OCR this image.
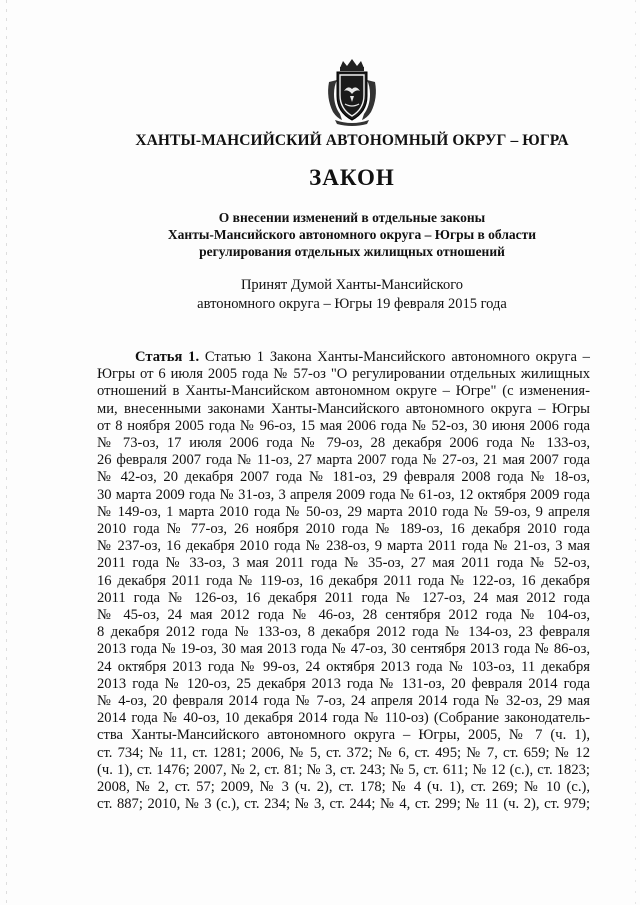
ХАНТЫ-МАНСИЙСКИЙ АВТОНОМНЫЙ ОКРУГ – ЮГРА
ЗАКОН
О внесении изменений в отдельные законы
Ханты-Мансийского автономного округа – Югры в области
регулирования отдельных жилищных отношений
Принят Думой Ханты-Мансийского
автономного округа – Югры 19 февраля 2015 года
Статья 1. Статью 1 Закона Ханты-Мансийского автономного округа –
Югры от 6 июля 2005 года № 57-оз "О регулировании отдельных жилищных
отношений в Ханты-Мансийском автономном округе – Югре" (с изменения-
ми, внесенными законами Ханты-Мансийского автономного округа – Югры
от 8 ноября 2005 года № 96-оз, 15 мая 2006 года № 52-оз, 30 июня 2006 года
№ 73-оз, 17 июля 2006 года № 79-оз, 28 декабря 2006 года № 133-оз,
26 февраля 2007 года № 11-оз, 27 марта 2007 года № 27-оз, 21 мая 2007 года
№ 42-оз, 20 декабря 2007 года № 181-оз, 29 февраля 2008 года № 18-оз,
30 марта 2009 года № 31-оз, 3 апреля 2009 года № 61-оз, 12 октября 2009 года
№ 149-оз, 1 марта 2010 года № 50-оз, 29 марта 2010 года № 59-оз, 9 апреля
2010 года № 77-оз, 26 ноября 2010 года № 189-оз, 16 декабря 2010 года
№ 237-оз, 16 декабря 2010 года № 238-оз, 9 марта 2011 года № 21-оз, 3 мая
2011 года № 33-оз, 3 мая 2011 года № 35-оз, 27 мая 2011 года № 52-оз,
16 декабря 2011 года № 119-оз, 16 декабря 2011 года № 122-оз, 16 декабря
2011 года № 126-оз, 16 декабря 2011 года № 127-оз, 24 мая 2012 года
№ 45-оз, 24 мая 2012 года № 46-оз, 28 сентября 2012 года № 104-оз,
8 декабря 2012 года № 133-оз, 8 декабря 2012 года № 134-оз, 23 февраля
2013 года № 19-оз, 30 мая 2013 года № 47-оз, 30 сентября 2013 года № 86-оз,
24 октября 2013 года № 99-оз, 24 октября 2013 года № 103-оз, 11 декабря
2013 года № 120-оз, 25 декабря 2013 года № 131-оз, 20 февраля 2014 года
№ 4-оз, 20 февраля 2014 года № 7-оз, 24 апреля 2014 года № 32-оз, 29 мая
2014 года № 40-оз, 10 декабря 2014 года № 110-оз) (Собрание законодатель-
ства Ханты-Мансийского автономного округа – Югры, 2005, № 7 (ч. 1),
ст. 734; № 11, ст. 1281; 2006, № 5, ст. 372; № 6, ст. 495; № 7, ст. 659; № 12
(ч. 1), ст. 1476; 2007, № 2, ст. 81; № 3, ст. 243; № 5, ст. 611; № 12 (с.), ст. 1823;
2008, № 2, ст. 57; 2009, № 3 (ч. 2), ст. 178; № 4 (ч. 1), ст. 269; № 10 (с.),
ст. 887; 2010, № 3 (с.), ст. 234; № 3, ст. 244; № 4, ст. 299; № 11 (ч. 2), ст. 979;
